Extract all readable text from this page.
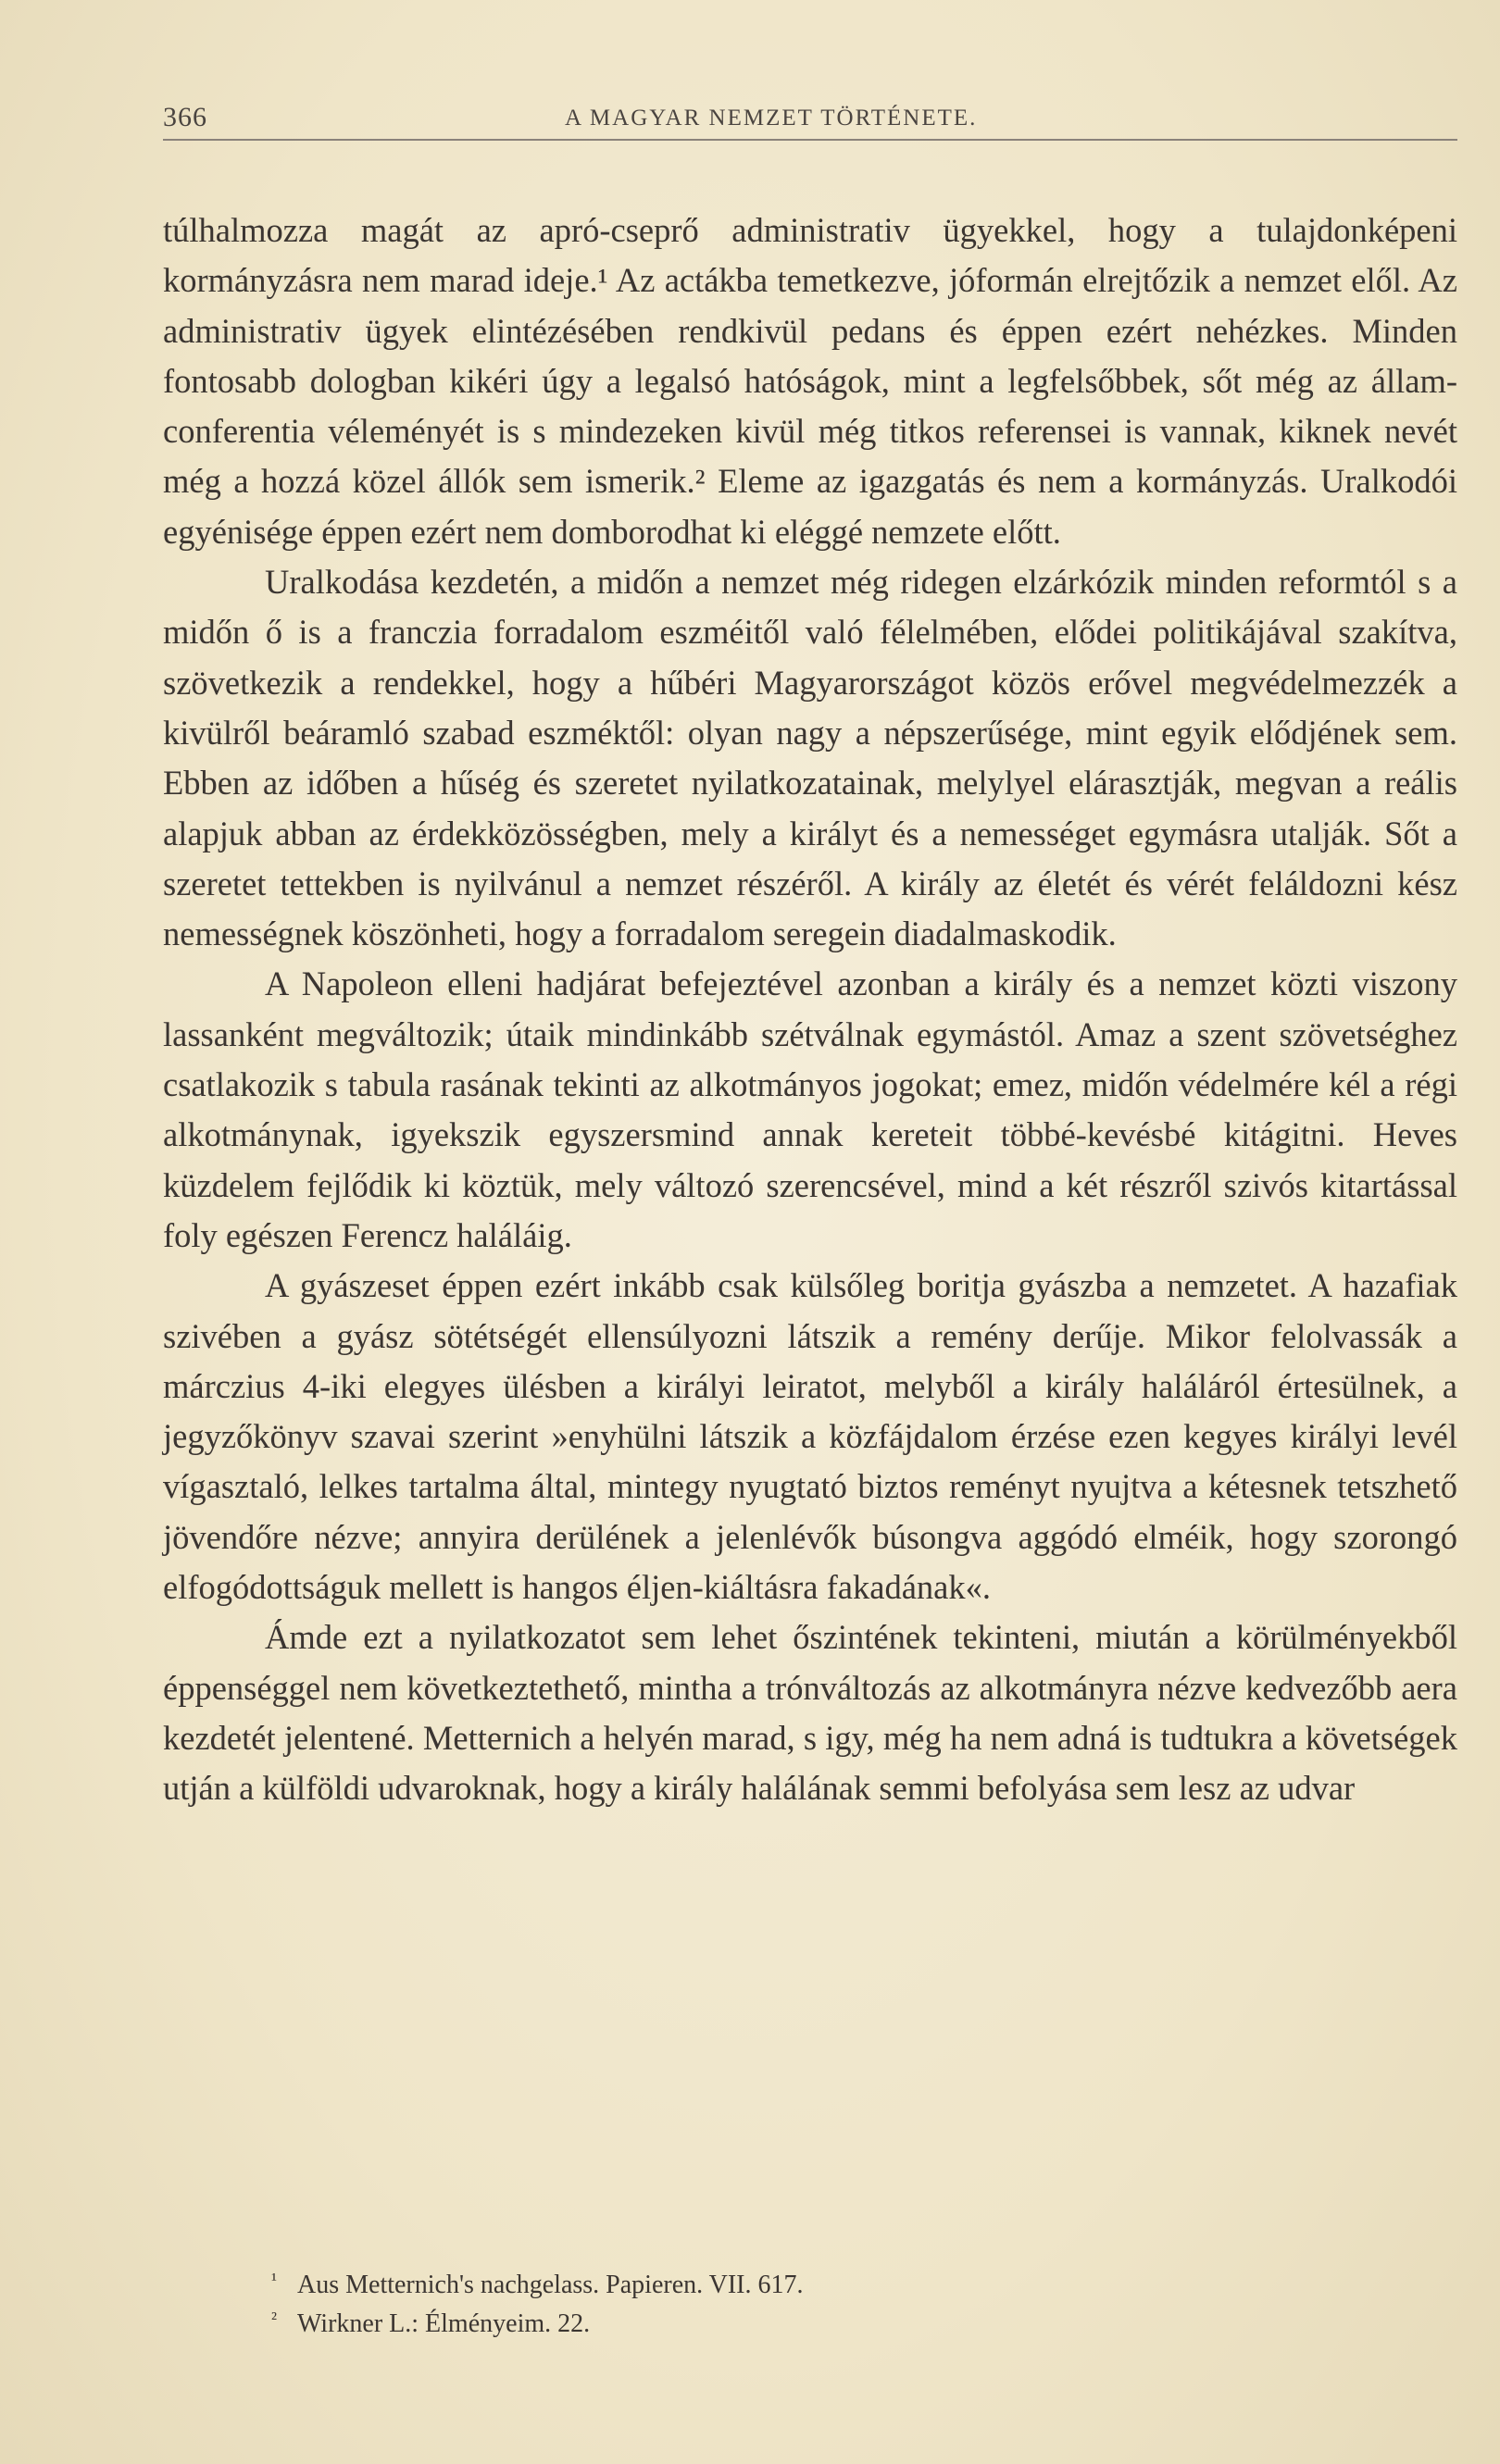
366	A MAGYAR NEMZET TÖRTÉNETE.

túlhalmozza magát az apró-cseprő administrativ ügyekkel, hogy a tulajdonképeni kormányzásra nem marad ideje.¹ Az actákba temetkezve, jóformán elrejtőzik a nemzet elől. Az administrativ ügyek elintézésében rendkivül pedans és éppen ezért nehézkes. Minden fontosabb dologban kikéri úgy a legalsó hatóságok, mint a legfelsőbbek, sőt még az állam-conferentia véleményét is s mindezeken kivül még titkos referensei is vannak, kiknek nevét még a hozzá közel állók sem ismerik.² Eleme az igazgatás és nem a kormányzás. Uralkodói egyénisége éppen ezért nem domborodhat ki eléggé nemzete előtt.

Uralkodása kezdetén, a midőn a nemzet még ridegen elzárkózik minden reformtól s a midőn ő is a franczia forradalom eszméitől való félelmében, elődei politikájával szakítva, szövetkezik a rendekkel, hogy a hűbéri Magyarországot közös erővel megvédelmezzék a kivülről beáramló szabad eszméktől: olyan nagy a népszerűsége, mint egyik elődjének sem. Ebben az időben a hűség és szeretet nyilatkozatainak, melylyel elárasztják, megvan a reális alapjuk abban az érdekközösségben, mely a királyt és a nemességet egymásra utalják. Sőt a szeretet tettekben is nyilvánul a nemzet részéről. A király az életét és vérét feláldozni kész nemességnek köszönheti, hogy a forradalom seregein diadalmaskodik.

A Napoleon elleni hadjárat befejeztével azonban a király és a nemzet közti viszony lassanként megváltozik; útaik mindinkább szétválnak egymástól. Amaz a szent szövetséghez csatlakozik s tabula rasának tekinti az alkotmányos jogokat; emez, midőn védelmére kél a régi alkotmánynak, igyekszik egyszersmind annak kereteit többé-kevésbé kitágitni. Heves küzdelem fejlődik ki köztük, mely változó szerencsével, mind a két részről szivós kitartással foly egészen Ferencz haláláig.

A gyászeset éppen ezért inkább csak külsőleg boritja gyászba a nemzetet. A hazafiak szivében a gyász sötétségét ellensúlyozni látszik a remény derűje. Mikor felolvassák a márczius 4-iki elegyes ülésben a királyi leiratot, melyből a király haláláról értesülnek, a jegyzőkönyv szavai szerint »enyhülni látszik a közfájdalom érzése ezen kegyes királyi levél vígasztaló, lelkes tartalma által, mintegy nyugtató biztos reményt nyujtva a kétesnek tetszhető jövendőre nézve; annyira derülének a jelenlévők búsongva aggódó elméik, hogy szorongó elfogódottságuk mellett is hangos éljen-kiáltásra fakadának«.

Ámde ezt a nyilatkozatot sem lehet őszintének tekinteni, miután a körülményekből éppenséggel nem következtethető, mintha a trónváltozás az alkotmányra nézve kedvezőbb aera kezdetét jelentené. Metternich a helyén marad, s igy, még ha nem adná is tudtukra a követségek utján a külföldi udvaroknak, hogy a király halálának semmi befolyása sem lesz az udvar

¹ Aus Metternich's nachgelass. Papieren. VII. 617.
² Wirkner L.: Élményeim. 22.
